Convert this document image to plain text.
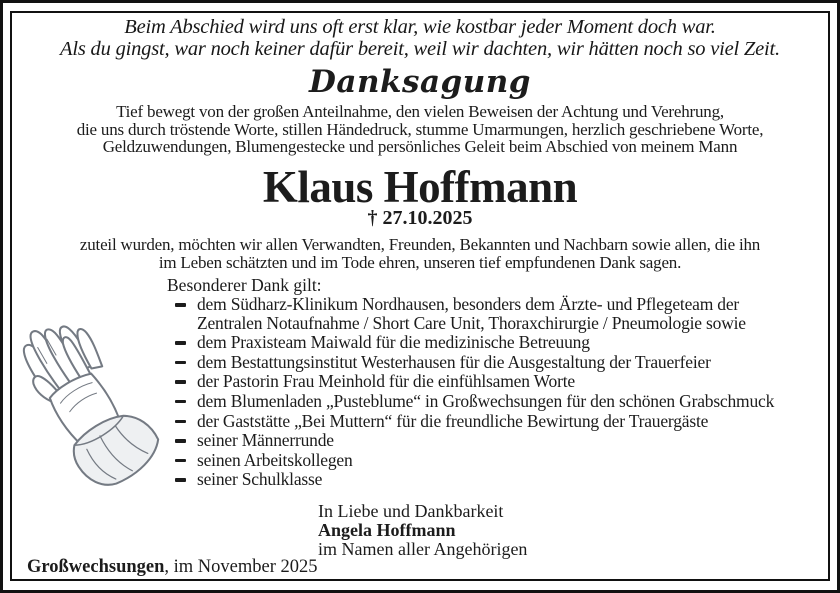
Beim Abschied wird uns oft erst klar, wie kostbar jeder Moment doch war.
Als du gingst, war noch keiner dafür bereit, weil wir dachten, wir hätten noch so viel Zeit.
Danksagung
Tief bewegt von der großen Anteilnahme, den vielen Beweisen der Achtung und Verehrung,
die uns durch tröstende Worte, stillen Händedruck, stumme Umarmungen, herzlich geschriebene Worte,
Geldzuwendungen, Blumengestecke und persönliches Geleit beim Abschied von meinem Mann
Klaus Hoffmann
† 27.10.2025
zuteil wurden, möchten wir allen Verwandten, Freunden, Bekannten und Nachbarn sowie allen, die ihn
im Leben schätzten und im Tode ehren, unseren tief empfundenen Dank sagen.
Besonderer Dank gilt:
dem Südharz-Klinikum Nordhausen, besonders dem Ärzte- und Pflegeteam der Zentralen Notaufnahme / Short Care Unit, Thoraxchirurgie / Pneumologie sowie
dem Praxisteam Maiwald für die medizinische Betreuung
dem Bestattungsinstitut Westerhausen für die Ausgestaltung der Trauerfeier
der Pastorin Frau Meinhold für die einfühlsamen Worte
dem Blumenladen „Pusteblume“ in Großwechsungen für den schönen Grabschmuck
der Gaststätte „Bei Muttern“ für die freundliche Bewirtung der Trauergäste
seiner Männerrunde
seinen Arbeitskollegen
seiner Schulklasse
In Liebe und Dankbarkeit
Angela Hoffmann
im Namen aller Angehörigen
Großwechsungen, im November 2025
